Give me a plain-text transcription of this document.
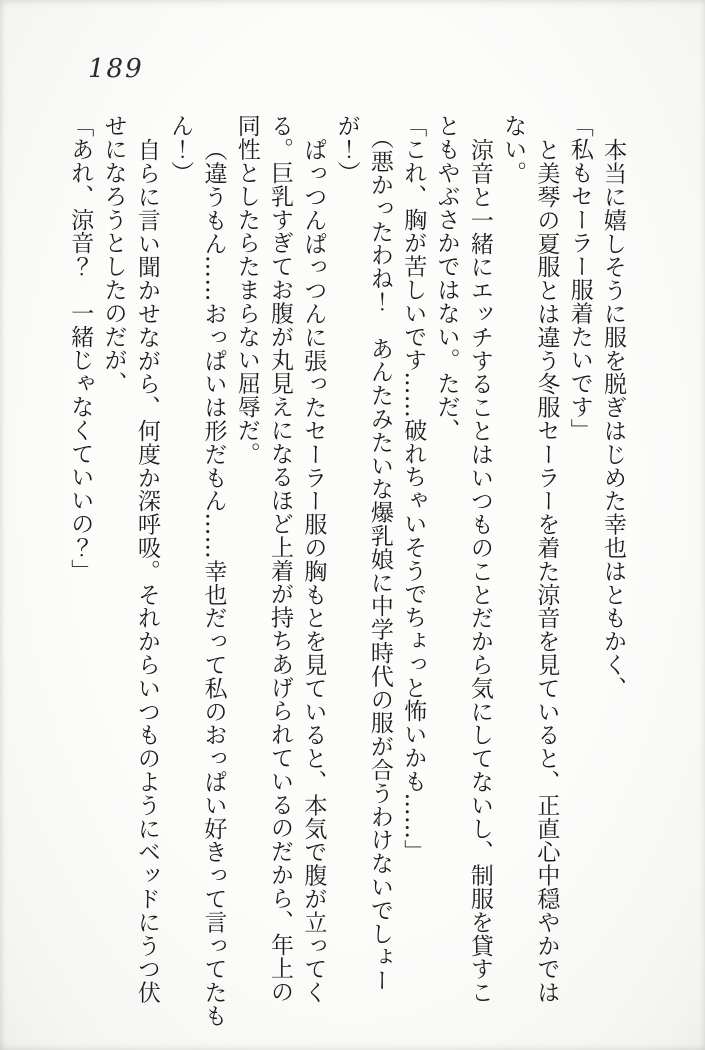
189

本当に嬉しそうに服を脱ぎはじめた幸也はともかく、

「私もセーラー服着たいです」

と美琴の夏服とは違う冬服セーラーを着た涼音を見ていると、正直心中穏やかでは

ない。

涼音と一緒にエッチすることはいつものことだから気にしてないし、制服を貸すこ

ともやぶさかではない。ただ、

「これ、胸が苦しいです……破れちゃいそうでちょっと怖いかも……」

（悪かったわね！　あんたみたいな爆乳娘に中学時代の服が合うわけないでしょー

が！）

ぱっつんぱっつんに張ったセーラー服の胸もとを見ていると、本気で腹が立ってく

る。巨乳すぎてお腹が丸見えになるほど上着が持ちあげられているのだから、年上の

同性としたらたまらない屈辱だ。

（違うもん……おっぱいは形だもん……幸也だって私のおっぱい好きって言ってたも

ん！）

自らに言い聞かせながら、何度か深呼吸。それからいつものようにベッドにうつ伏

せになろうとしたのだが、

「あれ、涼音？　一緒じゃなくていいの？」
